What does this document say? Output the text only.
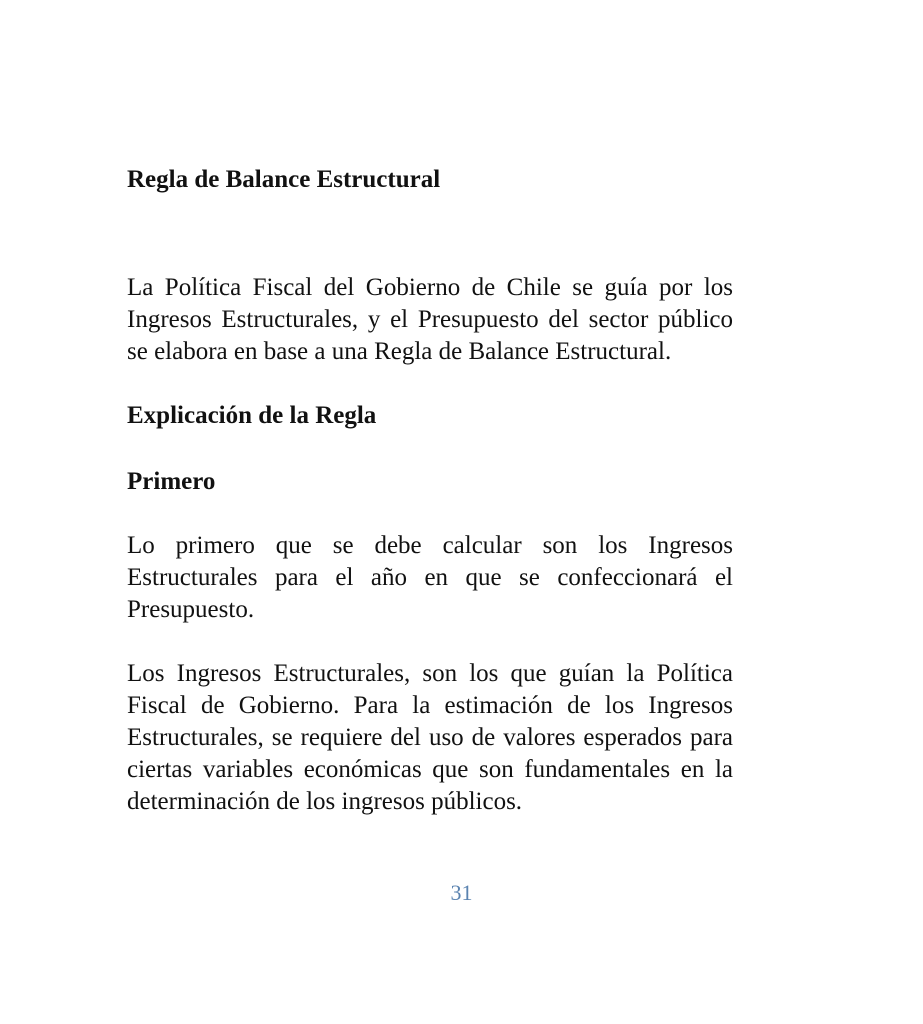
Regla de Balance Estructural

La Política Fiscal del Gobierno de Chile se guía por los Ingresos Estructurales, y el Presupuesto del sector público se elabora en base a una Regla de Balance Estructural.

Explicación de la Regla
Primero

Lo primero que se debe calcular son los Ingresos Estructurales para el año en que se confeccionará el Presupuesto.

Los Ingresos Estructurales, son los que guían la Política Fiscal de Gobierno. Para la estimación de los Ingresos Estructurales, se requiere del uso de valores esperados para ciertas variables económicas que son fundamentales en la determinación de los ingresos públicos.

31
